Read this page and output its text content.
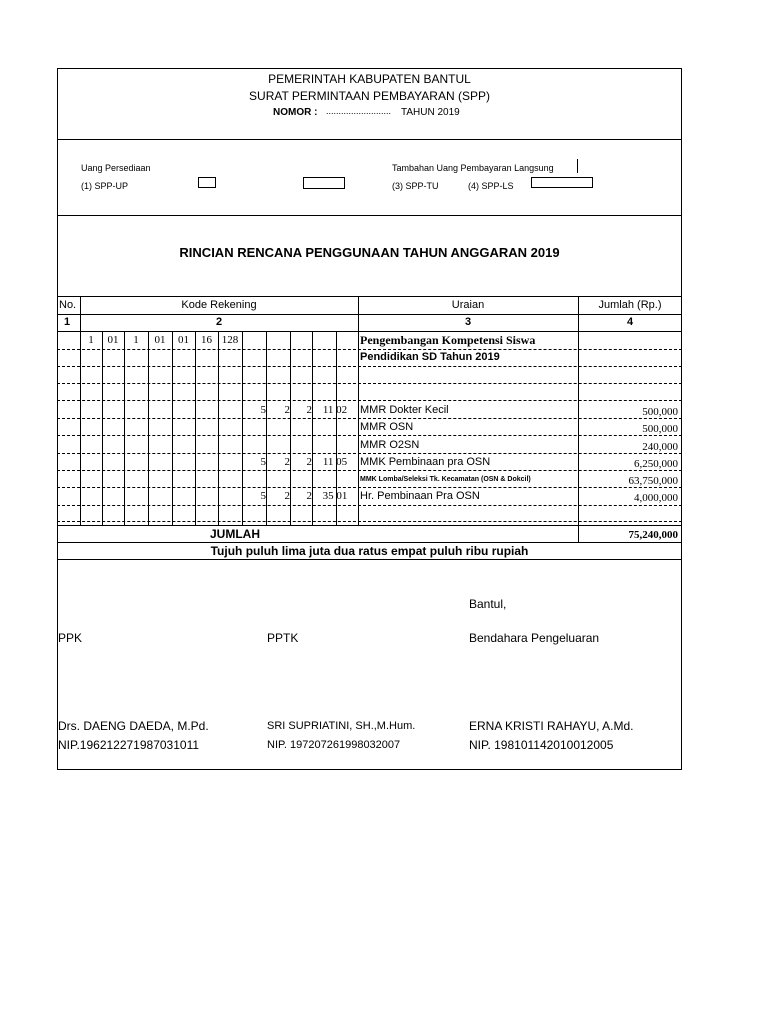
PEMERINTAH KABUPATEN BANTUL
SURAT PERMINTAAN PEMBAYARAN (SPP)
NOMOR : .......................... TAHUN 2019
Uang Persediaan
(1) SPP-UP
Tambahan Uang Pembayaran Langsung
(3) SPP-TU	(4) SPP-LS
RINCIAN RENCANA PENGGUNAAN TAHUN ANGGARAN 2019
No.	Kode Rekening	Uraian	Jumlah (Rp.)
1	2	3	4
1	01	1	01	01	16 128	Pengembangan Kompetensi Siswa
Pendidikan SD Tahun 2019
5	2	2 11 02	MMR Dokter Kecil	500,000
MMR OSN	500,000
MMR O2SN	240,000
5	2	2 11 05	MMK Pembinaan pra OSN	6,250,000
MMK Lomba/Seleksi Tk. Kecamatan (OSN & Dokcil)	63,750,000
5	2	2 35 01	Hr. Pembinaan Pra OSN	4,000,000
JUMLAH	75,240,000
Tujuh puluh lima juta dua ratus empat puluh ribu rupiah
Bantul,
PPK	PPTK	Bendahara Pengeluaran
Drs. DAENG DAEDA, M.Pd.
NIP.196212271987031011
SRI SUPRIATINI, SH.,M.Hum.
NIP. 197207261998032007
ERNA KRISTI RAHAYU, A.Md.
NIP. 198101142010012005
